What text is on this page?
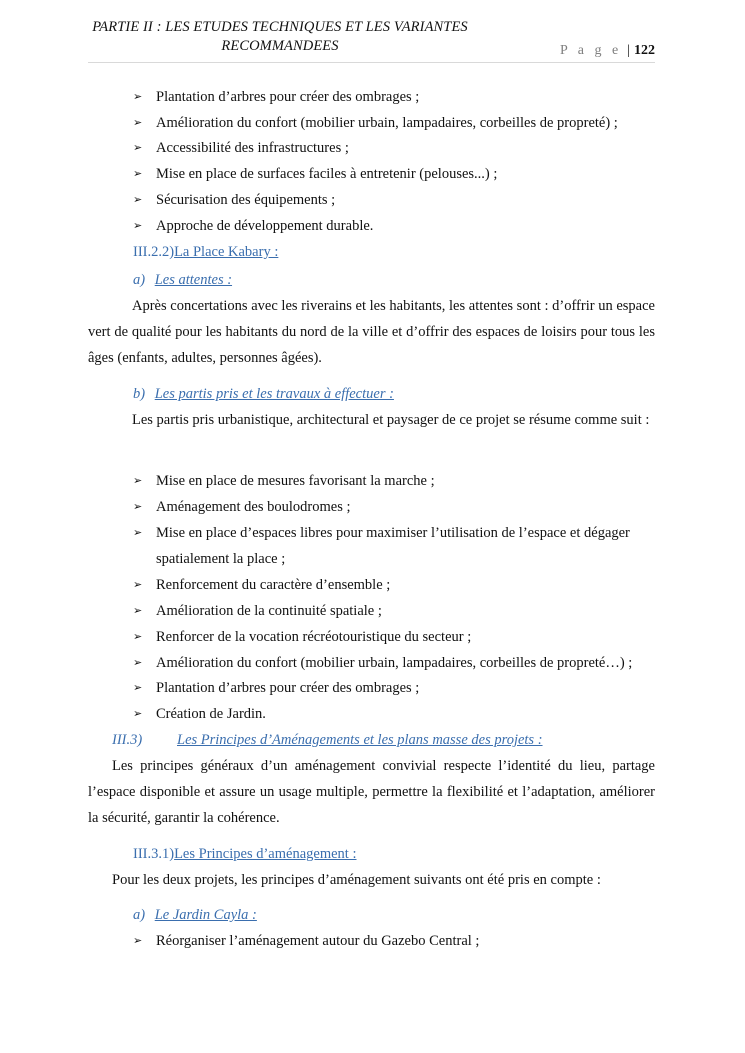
PARTIE II : LES ETUDES TECHNIQUES ET LES VARIANTES
RECOMMANDEES	P a g e | 122
➢ Plantation d’arbres pour créer des ombrages ;
➢ Amélioration du confort (mobilier urbain, lampadaires, corbeilles de propreté) ;
➢ Accessibilité des infrastructures ;
➢ Mise en place de surfaces faciles à entretenir (pelouses...) ;
➢ Sécurisation des équipements ;
➢ Approche de développement durable.
III.2.2)La Place Kabary :
a) Les attentes :
Après concertations avec les riverains et les habitants, les attentes sont : d’offrir un espace vert de qualité pour les habitants du nord de la ville et d’offrir des espaces de loisirs pour tous les âges (enfants, adultes, personnes âgées).
b) Les partis pris et les travaux à effectuer :
Les partis pris urbanistique, architectural et paysager de ce projet se résume comme suit :
➢ Mise en place de mesures favorisant la marche ;
➢ Aménagement des boulodromes ;
➢ Mise en place d’espaces libres pour maximiser l’utilisation de l’espace et dégager
spatialement la place ;
➢ Renforcement du caractère d’ensemble ;
➢ Amélioration de la continuité spatiale ;
➢ Renforcer de la vocation récréotouristique du secteur ;
➢ Amélioration du confort (mobilier urbain, lampadaires, corbeilles de propreté…) ;
➢ Plantation d’arbres pour créer des ombrages ;
➢ Création de Jardin.
III.3) Les Principes d’Aménagements et les plans masse des projets :
Les principes généraux d’un aménagement convivial respecte l’identité du lieu, partage l’espace disponible et assure un usage multiple, permettre la flexibilité et l’adaptation, améliorer la sécurité, garantir la cohérence.
III.3.1)Les Principes d’aménagement :
Pour les deux projets, les principes d’aménagement suivants ont été pris en compte :
a) Le Jardin Cayla :
➢ Réorganiser l’aménagement autour du Gazebo Central ;
